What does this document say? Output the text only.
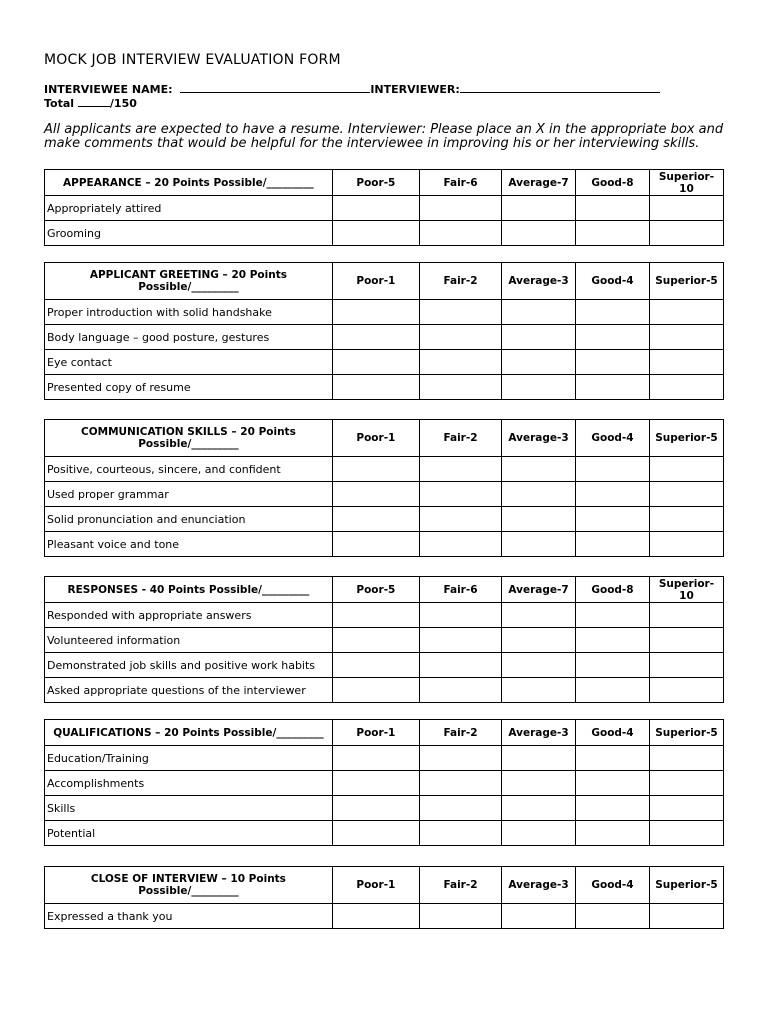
MOCK JOB INTERVIEW EVALUATION FORM
INTERVIEWEE NAME:	INTERVIEWER:
Total	/150
All applicants are expected to have a resume. Interviewer: Please place an X in the appropriate box and make comments that would be helpful for the interviewee in improving his or her interviewing skills.
APPEARANCE – 20 Points Possible/_________	Poor-5	Fair-6	Average-7	Good-8	Superior-10
Appropriately attired					
Grooming					
APPLICANT GREETING – 20 Points Possible/_________	Poor-1	Fair-2	Average-3	Good-4	Superior-5
Proper introduction with solid handshake					
Body language – good posture, gestures					
Eye contact					
Presented copy of resume					
COMMUNICATION SKILLS – 20 Points Possible/_________	Poor-1	Fair-2	Average-3	Good-4	Superior-5
Positive, courteous, sincere, and confident					
Used proper grammar					
Solid pronunciation and enunciation					
Pleasant voice and tone					
RESPONSES - 40 Points Possible/_________	Poor-5	Fair-6	Average-7	Good-8	Superior-10
Responded with appropriate answers					
Volunteered information					
Demonstrated job skills and positive work habits					
Asked appropriate questions of the interviewer					
QUALIFICATIONS – 20 Points Possible/_________	Poor-1	Fair-2	Average-3	Good-4	Superior-5
Education/Training					
Accomplishments					
Skills					
Potential					
CLOSE OF INTERVIEW – 10 Points Possible/_________	Poor-1	Fair-2	Average-3	Good-4	Superior-5
Expressed a thank you					
